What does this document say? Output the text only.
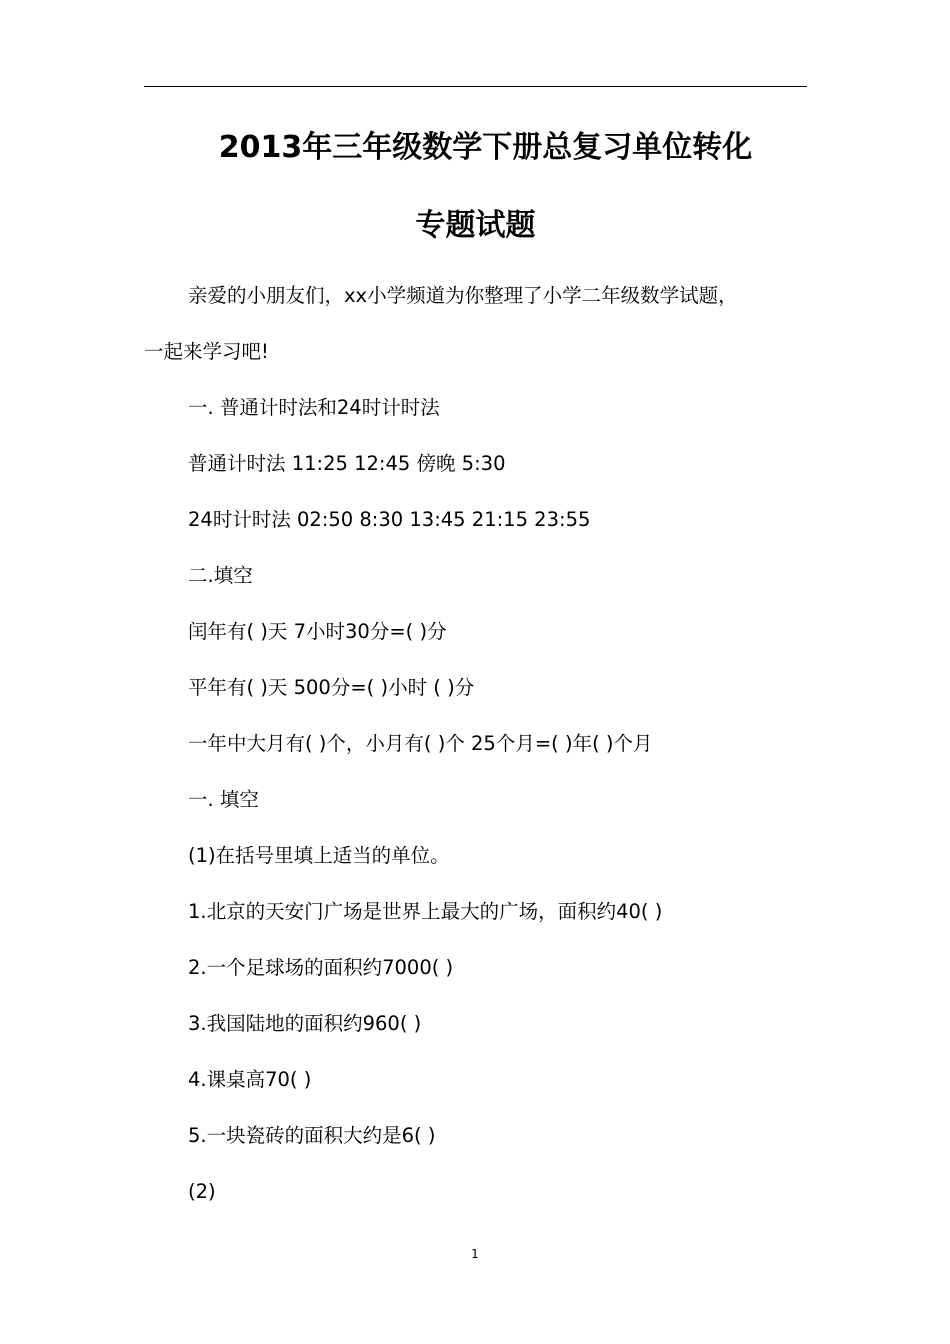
2013年三年级数学下册总复习单位转化
专题试题
亲爱的小朋友们，xx小学频道为你整理了小学二年级数学试题，
一起来学习吧!
一. 普通计时法和24时计时法
普通计时法 11:25 12:45 傍晚 5:30
24时计时法 02:50 8:30 13:45 21:15 23:55
二.填空
闰年有( )天 7小时30分=( )分
平年有( )天 500分=( )小时 ( )分
一年中大月有( )个，小月有( )个 25个月=( )年( )个月
一. 填空
(1)在括号里填上适当的单位。
1.北京的天安门广场是世界上最大的广场，面积约40( )
2.一个足球场的面积约7000( )
3.我国陆地的面积约960( )
4.课桌高70( )
5.一块瓷砖的面积大约是6( )
(2)
1
